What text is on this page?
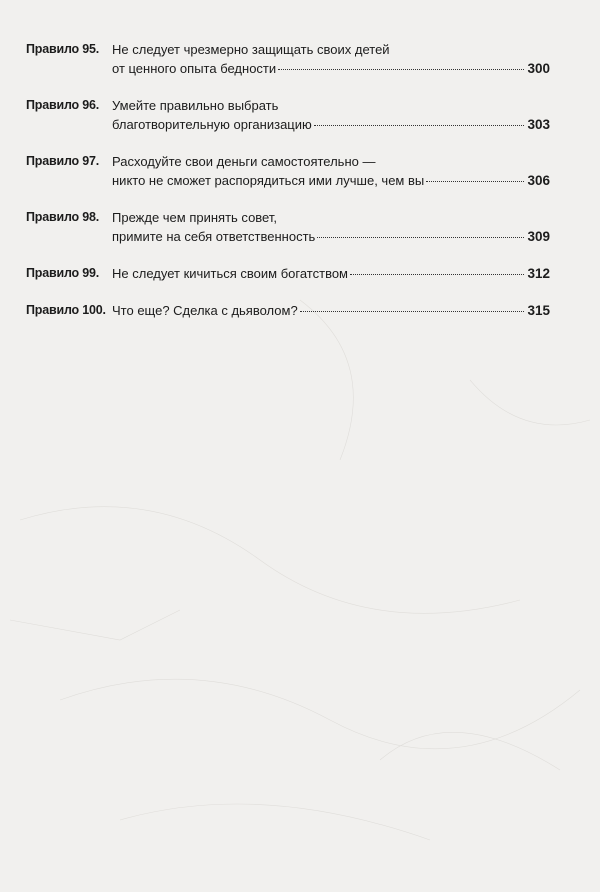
Правило 95. Не следует чрезмерно защищать своих детей
от ценного опыта бедности	300
Правило 96. Умейте правильно выбрать
благотворительную организацию	303
Правило 97. Расходуйте свои деньги самостоятельно —
никто не сможет распорядиться ими лучше, чем вы	306
Правило 98. Прежде чем принять совет,
примите на себя ответственность	309
Правило 99. Не следует кичиться своим богатством	312
Правило 100. Что еще? Сделка с дьяволом?	315
